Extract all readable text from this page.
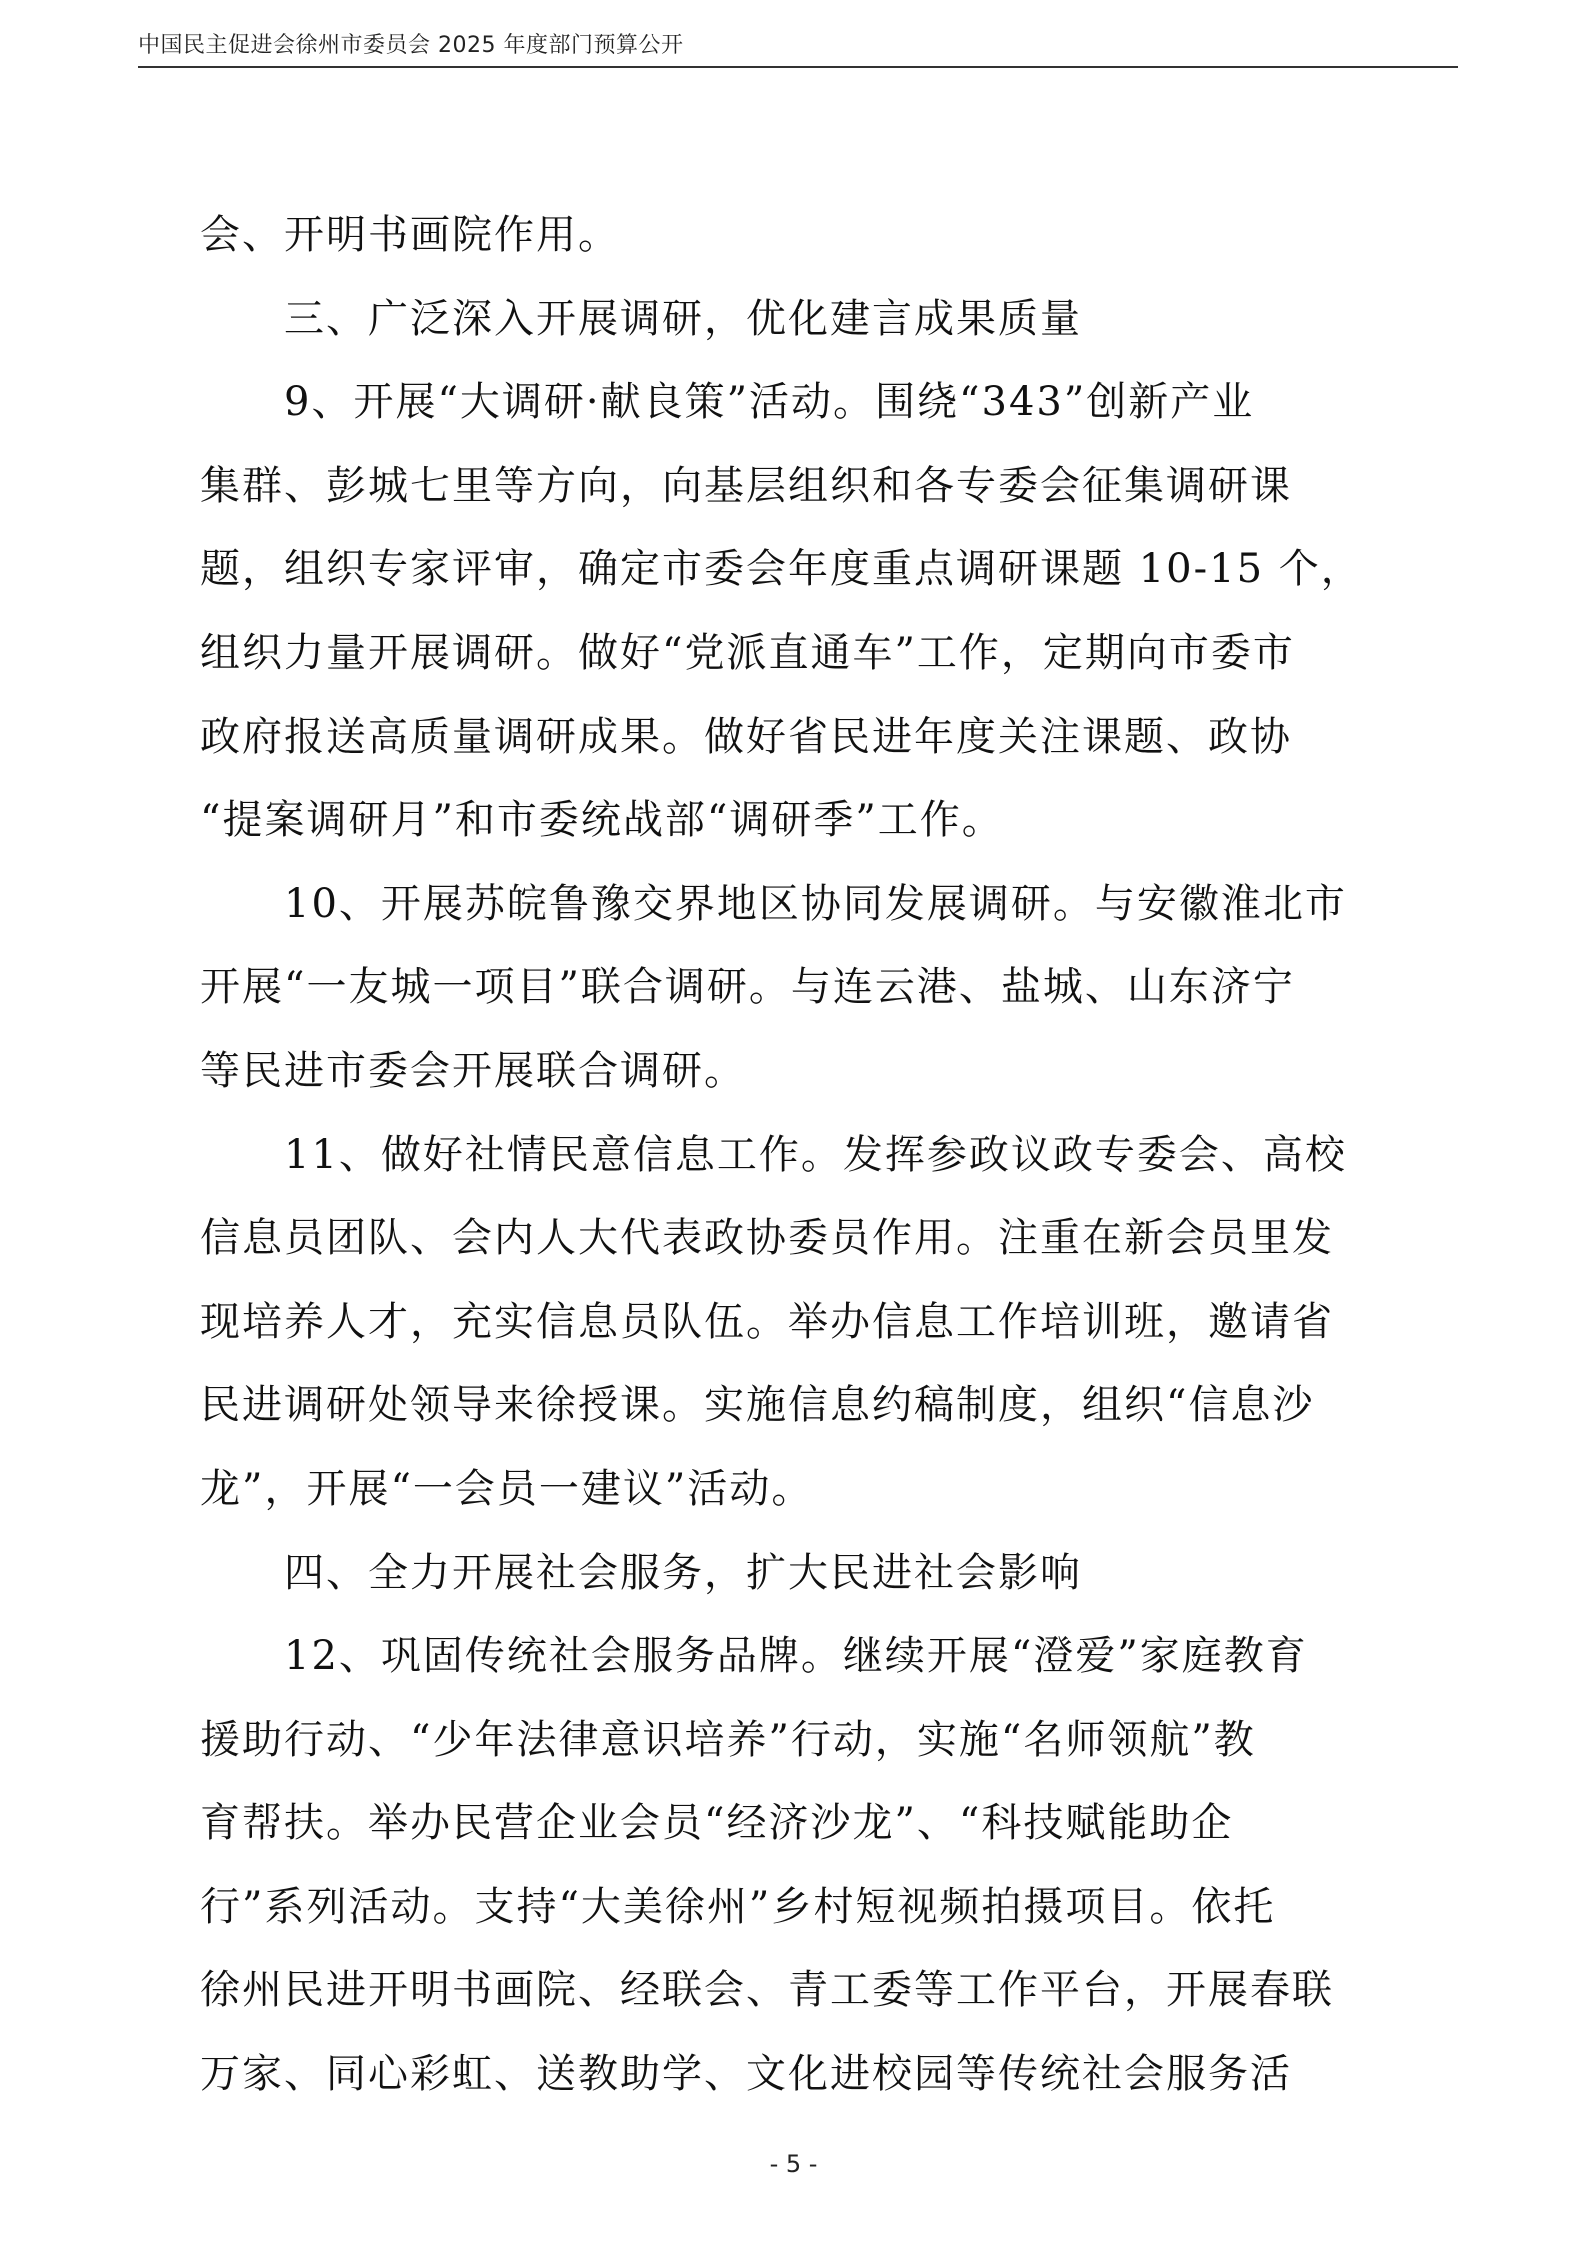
中国民主促进会徐州市委员会 2025 年度部门预算公开
会、开明书画院作用。
三、广泛深入开展调研，优化建言成果质量
9、开展“大调研·献良策”活动。围绕“343”创新产业
集群、彭城七里等方向，向基层组织和各专委会征集调研课
题，组织专家评审，确定市委会年度重点调研课题 10-15 个，
组织力量开展调研。做好“党派直通车”工作，定期向市委市
政府报送高质量调研成果。做好省民进年度关注课题、政协
“提案调研月”和市委统战部“调研季”工作。
10、开展苏皖鲁豫交界地区协同发展调研。与安徽淮北市
开展“一友城一项目”联合调研。与连云港、盐城、山东济宁
等民进市委会开展联合调研。
11、做好社情民意信息工作。发挥参政议政专委会、高校
信息员团队、会内人大代表政协委员作用。注重在新会员里发
现培养人才，充实信息员队伍。举办信息工作培训班，邀请省
民进调研处领导来徐授课。实施信息约稿制度，组织“信息沙
龙”，开展“一会员一建议”活动。
四、全力开展社会服务，扩大民进社会影响
12、巩固传统社会服务品牌。继续开展“澄爱”家庭教育
援助行动、“少年法律意识培养”行动，实施“名师领航”教
育帮扶。举办民营企业会员“经济沙龙”、“科技赋能助企
行”系列活动。支持“大美徐州”乡村短视频拍摄项目。依托
徐州民进开明书画院、经联会、青工委等工作平台，开展春联
万家、同心彩虹、送教助学、文化进校园等传统社会服务活
- 5 -
